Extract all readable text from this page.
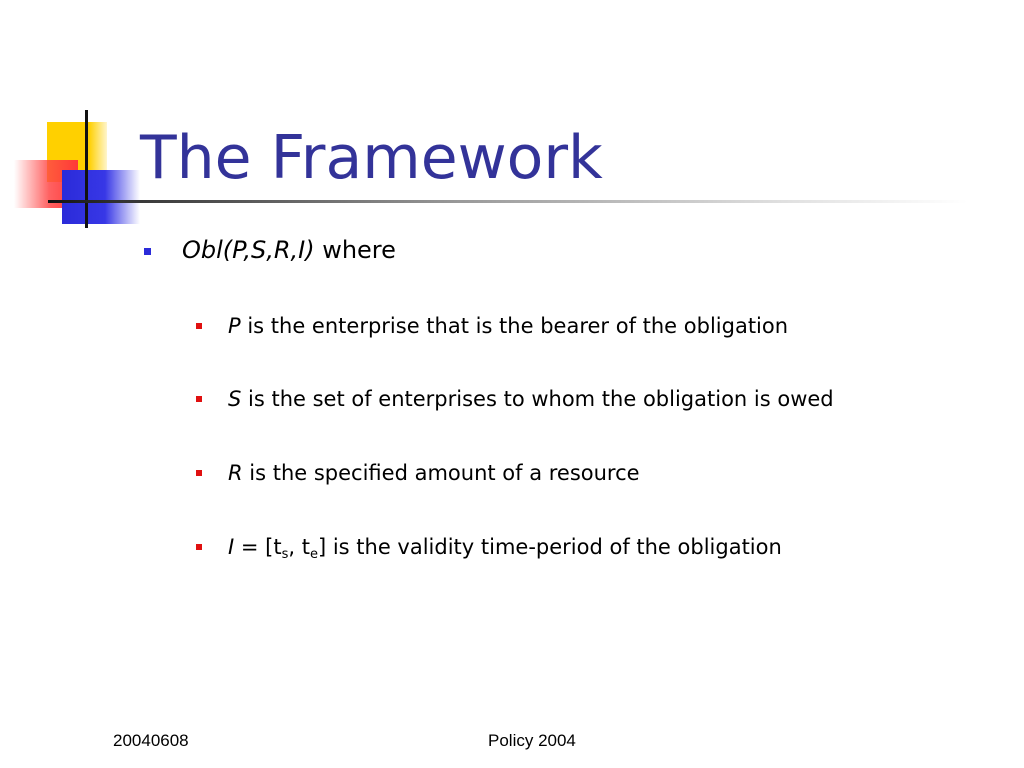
The Framework
Obl(P,S,R,I) where
P is the enterprise that is the bearer of the obligation
S is the set of enterprises to whom the obligation is owed
R is the specified amount of a resource
$I = [t_s$, $t_e$] is the validity time-period of the obligation
20040608	Policy 2004
